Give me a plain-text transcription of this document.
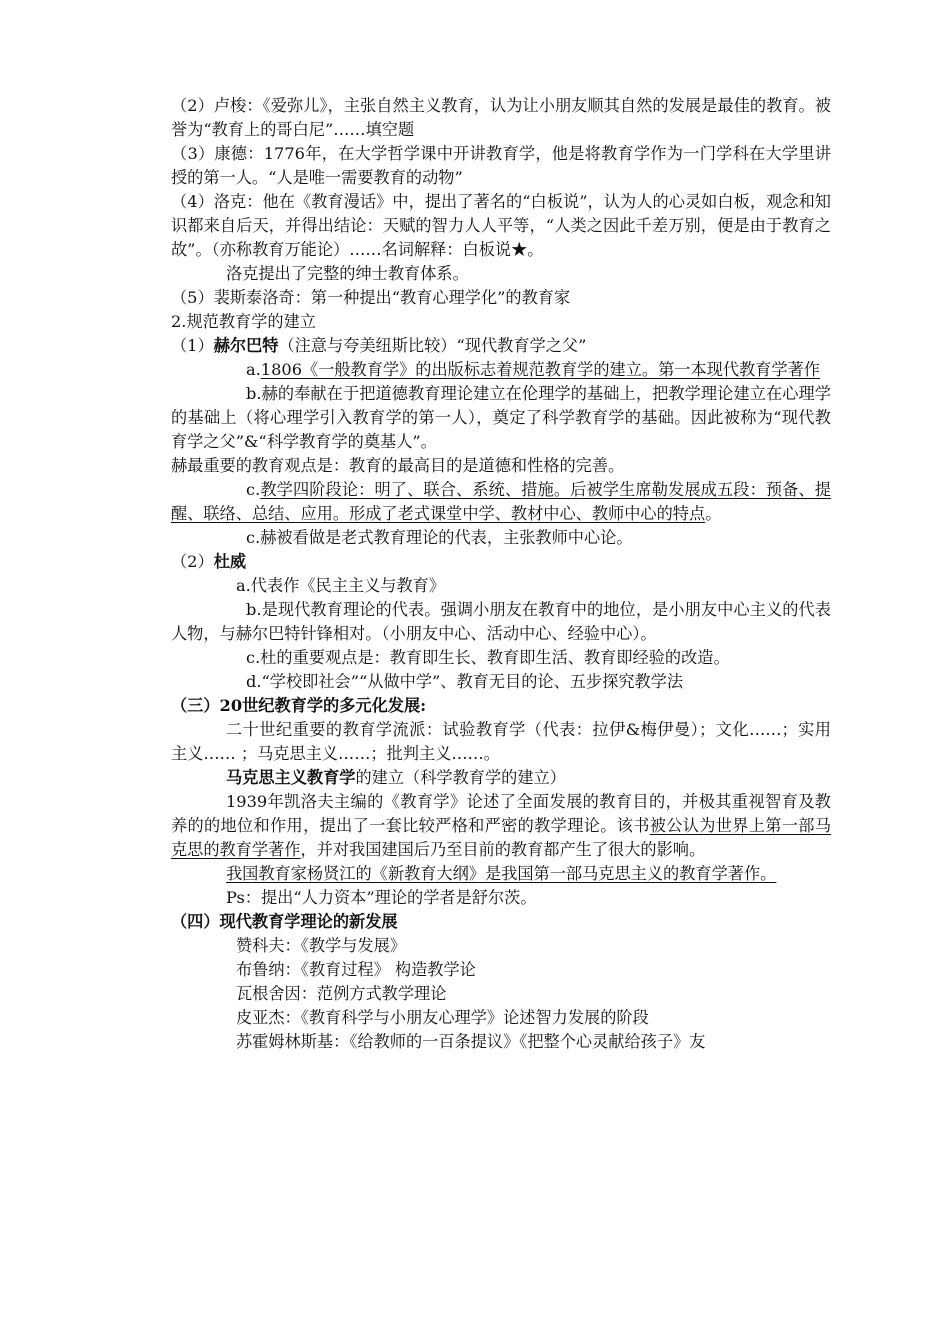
（2）卢梭：《爱弥儿》，主张自然主义教育，认为让小朋友顺其自然的发展是最佳的教育。被誉为“教育上的哥白尼”……填空题

（3）康德：1776年，在大学哲学课中开讲教育学，他是将教育学作为一门学科在大学里讲授的第一人。“人是唯一需要教育的动物”

（4）洛克：他在《教育漫话》中，提出了著名的“白板说”，认为人的心灵如白板，观念和知识都来自后天，并得出结论：天赋的智力人人平等，“人类之因此千差万别，便是由于教育之故”。（亦称教育万能论）……名词解释：白板说★。

洛克提出了完整的绅士教育体系。

（5）裴斯泰洛奇：第一种提出“教育心理学化”的教育家

2.规范教育学的建立

（1）赫尔巴特（注意与夸美纽斯比较）“现代教育学之父”

a.1806《一般教育学》的出版标志着规范教育学的建立。第一本现代教育学著作

b.赫的奉献在于把道德教育理论建立在伦理学的基础上，把教学理论建立在心理学的基础上（将心理学引入教育学的第一人），奠定了科学教育学的基础。因此被称为“现代教育学之父”&“科学教育学的奠基人”。

赫最重要的教育观点是：教育的最高目的是道德和性格的完善。

c.教学四阶段论：明了、联合、系统、措施。后被学生席勒发展成五段：预备、提醒、联络、总结、应用。形成了老式课堂中学、教材中心、教师中心的特点。

c.赫被看做是老式教育理论的代表，主张教师中心论。

（2）杜威

a.代表作《民主主义与教育》

b.是现代教育理论的代表。强调小朋友在教育中的地位，是小朋友中心主义的代表人物，与赫尔巴特针锋相对。（小朋友中心、活动中心、经验中心）。

c.杜的重要观点是：教育即生长、教育即生活、教育即经验的改造。

d.“学校即社会”“从做中学”、教育无目的论、五步探究教学法

（三）20世纪教育学的多元化发展:

二十世纪重要的教育学流派：试验教育学（代表：拉伊&梅伊曼）；文化……；实用主义…… ；马克思主义……；批判主义……。

马克思主义教育学的建立（科学教育学的建立）

1939年凯洛夫主编的《教育学》论述了全面发展的教育目的，并极其重视智育及教养的的地位和作用，提出了一套比较严格和严密的教学理论。该书被公认为世界上第一部马克思的教育学著作，并对我国建国后乃至目前的教育都产生了很大的影响。

我国教育家杨贤江的《新教育大纲》是我国第一部马克思主义的教育学著作。

Ps：提出“人力资本”理论的学者是舒尔茨。

（四）现代教育学理论的新发展

赞科夫：《教学与发展》

布鲁纳：《教育过程》 构造教学论

瓦根舍因：范例方式教学理论

皮亚杰：《教育科学与小朋友心理学》论述智力发展的阶段

苏霍姆林斯基：《给教师的一百条提议》《把整个心灵献给孩子》友
